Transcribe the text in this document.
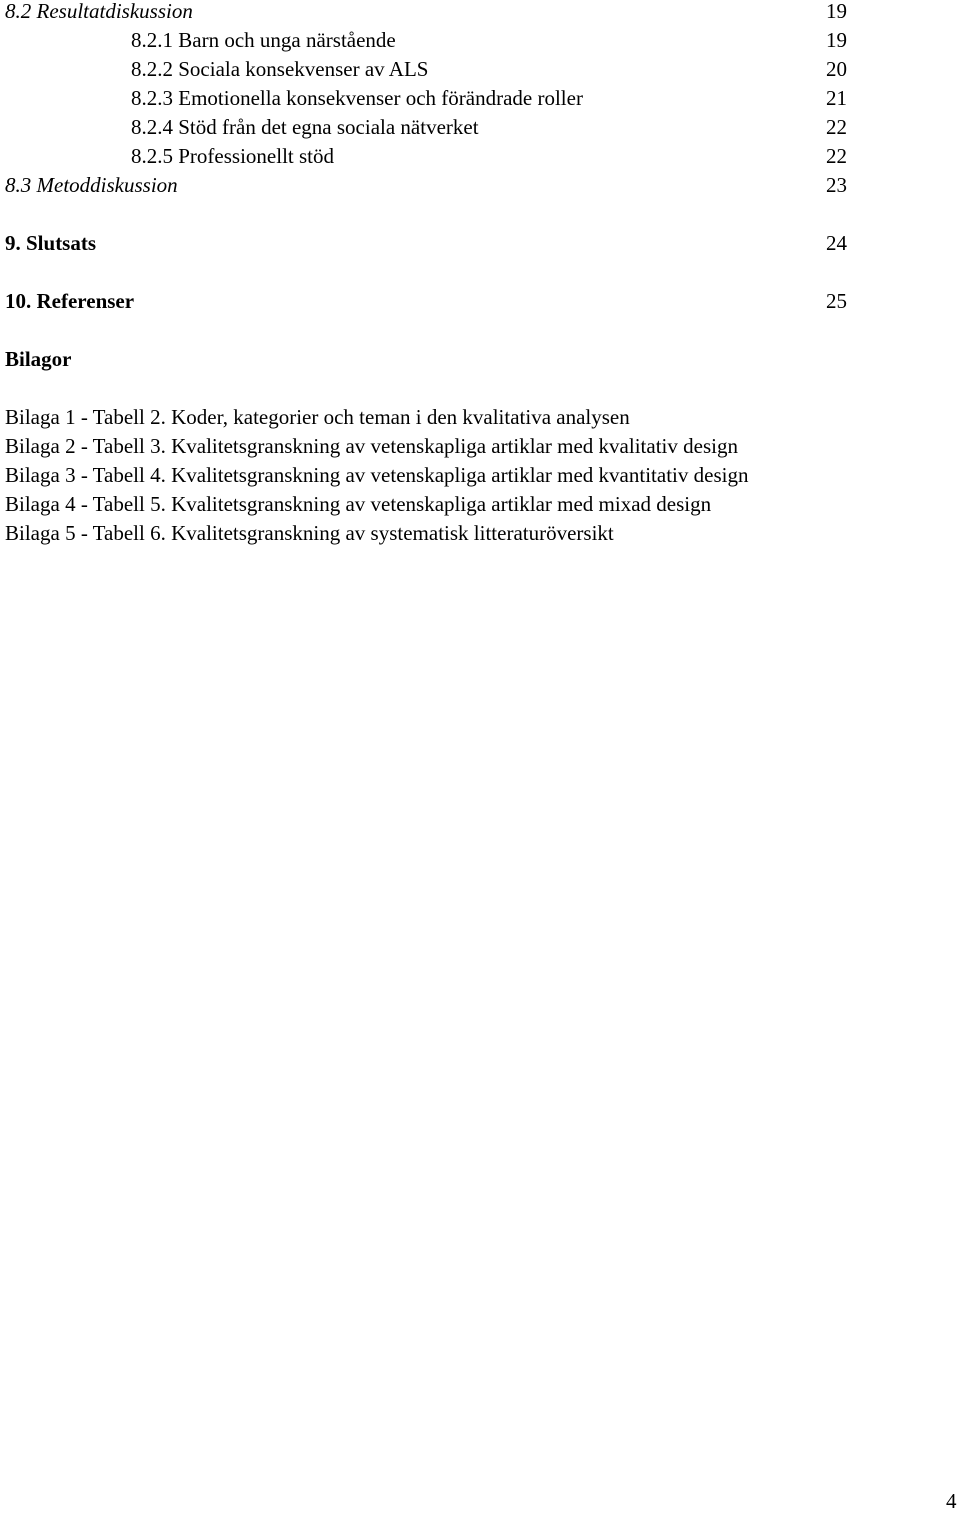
8.2 Resultatdiskussion	19
8.2.1 Barn och unga närstående	19
8.2.2 Sociala konsekvenser av ALS	20
8.2.3 Emotionella konsekvenser och förändrade roller	21
8.2.4 Stöd från det egna sociala nätverket	22
8.2.5 Professionellt stöd	22
8.3 Metoddiskussion	23
9. Slutsats	24
10. Referenser	25
Bilagor
Bilaga 1 - Tabell 2. Koder, kategorier och teman i den kvalitativa analysen
Bilaga 2 - Tabell 3. Kvalitetsgranskning av vetenskapliga artiklar med kvalitativ design
Bilaga 3 - Tabell 4. Kvalitetsgranskning av vetenskapliga artiklar med kvantitativ design
Bilaga 4 - Tabell 5. Kvalitetsgranskning av vetenskapliga artiklar med mixad design
Bilaga 5 - Tabell 6. Kvalitetsgranskning av systematisk litteraturöversikt
4
